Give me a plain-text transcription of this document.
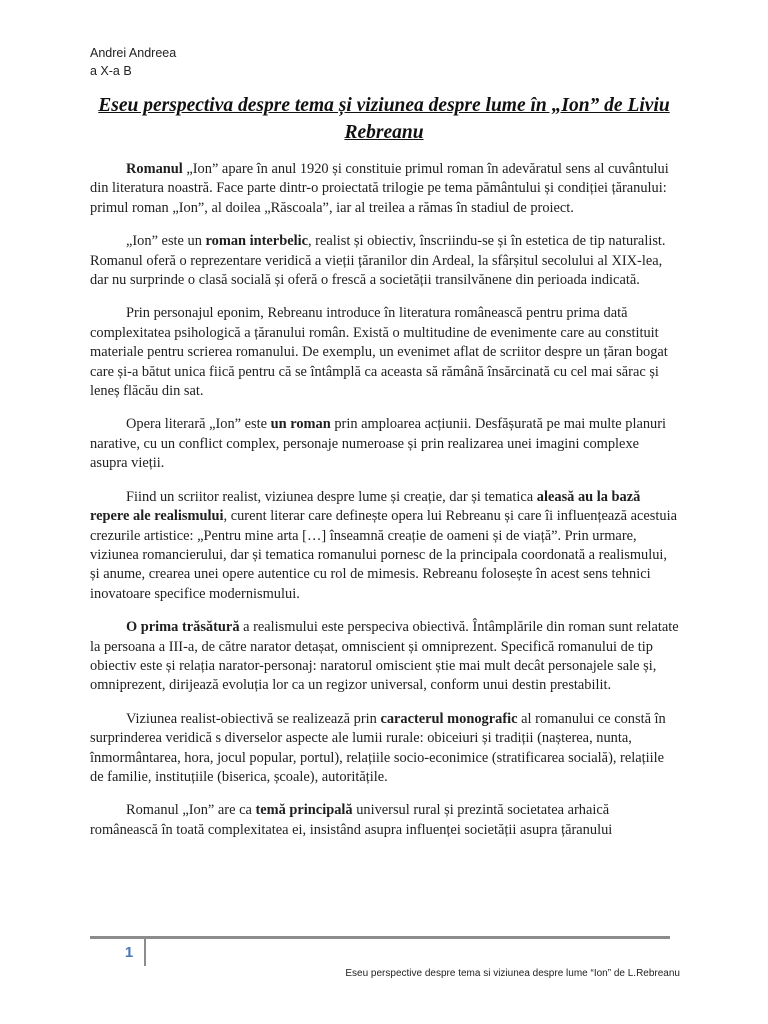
Andrei Andreea
a X-a B
Eseu perspectiva despre tema și viziunea despre lume în „Ion” de Liviu Rebreanu

Romanul „Ion” apare în anul 1920 și constituie primul roman în adevăratul sens al cuvântului din literatura noastră. Face parte dintr-o proiectată trilogie pe tema pământului și condiției țăranului: primul roman „Ion”, al doilea „Răscoala”, iar al treilea a rămas în stadiul de proiect.

„Ion” este un roman interbelic, realist și obiectiv, înscriindu-se și în estetica de tip naturalist. Romanul oferă o reprezentare veridică a vieții țăranilor din Ardeal, la sfârșitul secolului al XIX-lea, dar nu surprinde o clasă socială și oferă o frescă a societății transilvănene din perioada indicată.

Prin personajul eponim, Rebreanu introduce în literatura românească pentru prima dată complexitatea psihologică a țăranului român. Există o multitudine de evenimente care au constituit materiale pentru scrierea romanului. De exemplu, un evenimet aflat de scriitor despre un țăran bogat care și-a bătut unica fiică pentru că se întâmplă ca aceasta să rămână însărcinată cu cel mai sărac și leneș flăcău din sat.

Opera literară „Ion” este un roman prin amploarea acțiunii. Desfășurată pe mai multe planuri narative, cu un conflict complex, personaje numeroase și prin realizarea unei imagini complexe asupra vieții.

Fiind un scriitor realist, viziunea despre lume și creație, dar și tematica aleasă au la bază repere ale realismului, curent literar care definește opera lui Rebreanu și care îi influențează acestuia crezurile artistice: „Pentru mine arta […] înseamnă creație de oameni și de viață”. Prin urmare, viziunea romancierului, dar și tematica romanului pornesc de la principala coordonată a realismului, și anume, crearea unei opere autentice cu rol de mimesis. Rebreanu folosește în acest sens tehnici inovatoare specifice modernismului.

O prima trăsătură a realismului este perspeciva obiectivă. Întâmplările din roman sunt relatate la persoana a III-a, de către narator detașat, omniscient și omniprezent. Specifică romanului de tip obiectiv este și relația narator-personaj: naratorul omiscient știe mai mult decât personajele sale și, omniprezent, dirijează evoluția lor ca un regizor universal, conform unui destin prestabilit.

Viziunea realist-obiectivă se realizează prin caracterul monografic al romanului ce constă în surprinderea veridică s diverselor aspecte ale lumii rurale: obiceiuri și tradiții (nașterea, nunta, înmormântarea, hora, jocul popular, portul), relațiile socio-econimice (stratificarea socială), relațiile de familie, instituțiile (biserica, școale), autoritățile.

Romanul „Ion” are ca temă principală universul rural și prezintă societatea arhaică românească în toată complexitatea ei, insistând asupra influenței societății asupra țăranului

1
Eseu perspective despre tema si viziunea despre lume “Ion” de L.Rebreanu
